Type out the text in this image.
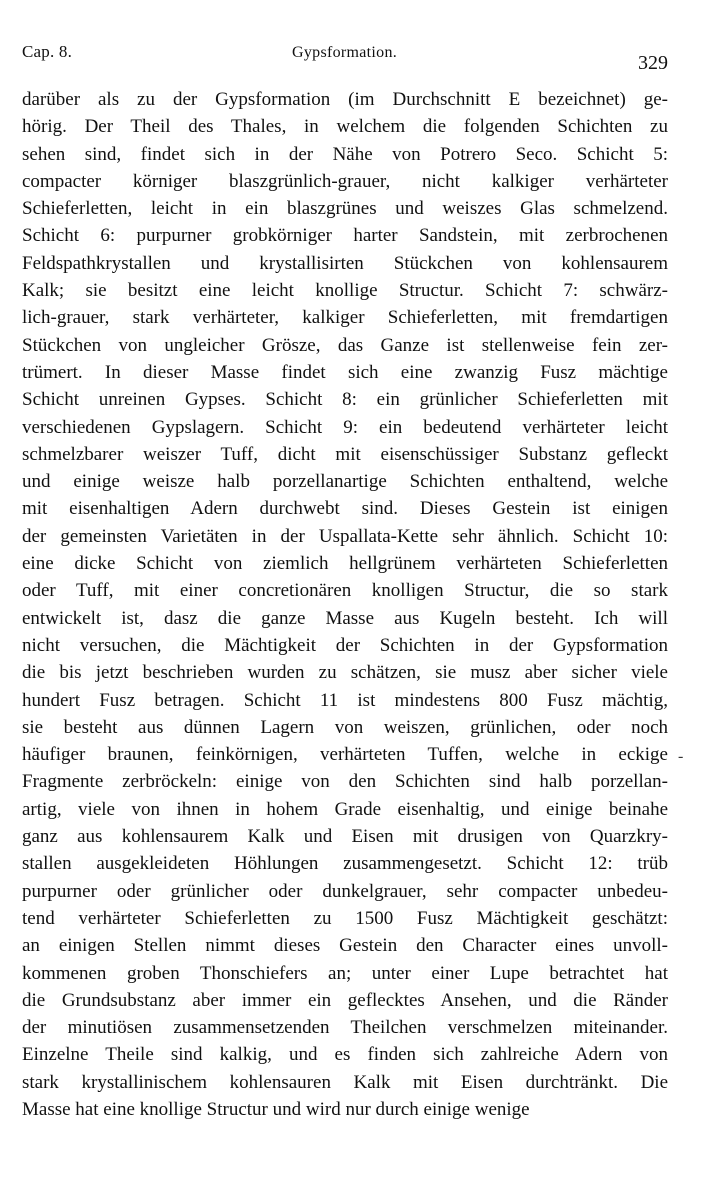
Cap. 8.	Gypsformation.	329
darüber als zu der Gypsformation (im Durchschnitt E bezeichnet) ge-
hörig. Der Theil des Thales, in welchem die folgenden Schichten zu
sehen sind, findet sich in der Nähe von Potrero Seco. Schicht 5:
compacter körniger blaszgrünlich-grauer, nicht kalkiger verhärteter
Schieferletten, leicht in ein blaszgrünes und weiszes Glas schmelzend.
Schicht 6: purpurner grobkörniger harter Sandstein, mit zerbrochenen
Feldspathkrystallen und krystallisirten Stückchen von kohlensaurem
Kalk; sie besitzt eine leicht knollige Structur. Schicht 7: schwärz-
lich-grauer, stark verhärteter, kalkiger Schieferletten, mit fremdartigen
Stückchen von ungleicher Grösze, das Ganze ist stellenweise fein zer-
trümert. In dieser Masse findet sich eine zwanzig Fusz mächtige
Schicht unreinen Gypses. Schicht 8: ein grünlicher Schieferletten mit
verschiedenen Gypslagern. Schicht 9: ein bedeutend verhärteter leicht
schmelzbarer weiszer Tuff, dicht mit eisenschüssiger Substanz gefleckt
und einige weisze halb porzellanartige Schichten enthaltend, welche
mit eisenhaltigen Adern durchwebt sind. Dieses Gestein ist einigen
der gemeinsten Varietäten in der Uspallata-Kette sehr ähnlich. Schicht 10:
eine dicke Schicht von ziemlich hellgrünem verhärteten Schieferletten
oder Tuff, mit einer concretionären knolligen Structur, die so stark
entwickelt ist, dasz die ganze Masse aus Kugeln besteht. Ich will
nicht versuchen, die Mächtigkeit der Schichten in der Gypsformation
die bis jetzt beschrieben wurden zu schätzen, sie musz aber sicher viele
hundert Fusz betragen. Schicht 11 ist mindestens 800 Fusz mächtig,
sie besteht aus dünnen Lagern von weiszen, grünlichen, oder noch
häufiger braunen, feinkörnigen, verhärteten Tuffen, welche in eckige
Fragmente zerbröckeln: einige von den Schichten sind halb porzellan-
artig, viele von ihnen in hohem Grade eisenhaltig, und einige beinahe
ganz aus kohlensaurem Kalk und Eisen mit drusigen von Quarzkry-
stallen ausgekleideten Höhlungen zusammengesetzt. Schicht 12: trüb
purpurner oder grünlicher oder dunkelgrauer, sehr compacter unbedeu-
tend verhärteter Schieferletten zu 1500 Fusz Mächtigkeit geschätzt:
an einigen Stellen nimmt dieses Gestein den Character eines unvoll-
kommenen groben Thonschiefers an; unter einer Lupe betrachtet hat
die Grundsubstanz aber immer ein geflecktes Ansehen, und die Ränder
der minutiösen zusammensetzenden Theilchen verschmelzen miteinander.
Einzelne Theile sind kalkig, und es finden sich zahlreiche Adern von
stark krystallinischem kohlensauren Kalk mit Eisen durchtränkt. Die
Masse hat eine knollige Structur und wird nur durch einige wenige
-
